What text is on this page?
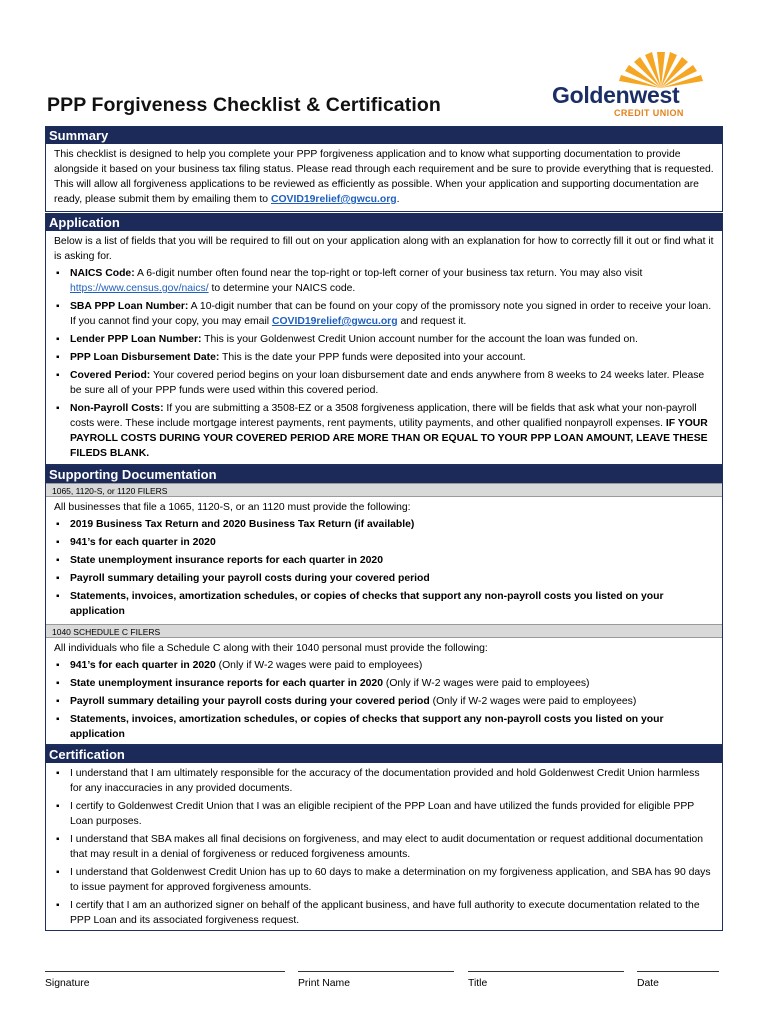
Goldenwest
CREDIT UNION
PPP Forgiveness Checklist & Certification
Summary
This checklist is designed to help you complete your PPP forgiveness application and to know what supporting documentation to provide alongside it based on your business tax filing status. Please read through each requirement and be sure to provide everything that is requested. This will allow all forgiveness applications to be reviewed as efficiently as possible. When your application and supporting documentation are ready, please submit them by emailing them to COVID19relief@gwcu.org.
Application
Below is a list of fields that you will be required to fill out on your application along with an explanation for how to correctly fill it out or find what it is asking for.
▪ NAICS Code: A 6-digit number often found near the top-right or top-left corner of your business tax return. You may also visit https://www.census.gov/naics/ to determine your NAICS code.
▪ SBA PPP Loan Number: A 10-digit number that can be found on your copy of the promissory note you signed in order to receive your loan. If you cannot find your copy, you may email COVID19relief@gwcu.org and request it.
▪ Lender PPP Loan Number: This is your Goldenwest Credit Union account number for the account the loan was funded on.
▪ PPP Loan Disbursement Date: This is the date your PPP funds were deposited into your account.
▪ Covered Period: Your covered period begins on your loan disbursement date and ends anywhere from 8 weeks to 24 weeks later. Please be sure all of your PPP funds were used within this covered period.
▪ Non-Payroll Costs: If you are submitting a 3508-EZ or a 3508 forgiveness application, there will be fields that ask what your non-payroll costs were. These include mortgage interest payments, rent payments, utility payments, and other qualified nonpayroll expenses. IF YOUR PAYROLL COSTS DURING YOUR COVERED PERIOD ARE MORE THAN OR EQUAL TO YOUR PPP LOAN AMOUNT, LEAVE THESE FILEDS BLANK.
Supporting Documentation
1065, 1120-S, or 1120 FILERS
All businesses that file a 1065, 1120-S, or an 1120 must provide the following:
▪ 2019 Business Tax Return and 2020 Business Tax Return (if available)
▪ 941’s for each quarter in 2020
▪ State unemployment insurance reports for each quarter in 2020
▪ Payroll summary detailing your payroll costs during your covered period
▪ Statements, invoices, amortization schedules, or copies of checks that support any non-payroll costs you listed on your application
1040 SCHEDULE C FILERS
All individuals who file a Schedule C along with their 1040 personal must provide the following:
▪ 941’s for each quarter in 2020 (Only if W-2 wages were paid to employees)
▪ State unemployment insurance reports for each quarter in 2020 (Only if W-2 wages were paid to employees)
▪ Payroll summary detailing your payroll costs during your covered period (Only if W-2 wages were paid to employees)
▪ Statements, invoices, amortization schedules, or copies of checks that support any non-payroll costs you listed on your application
Certification
▪ I understand that I am ultimately responsible for the accuracy of the documentation provided and hold Goldenwest Credit Union harmless for any inaccuracies in any provided documents.
▪ I certify to Goldenwest Credit Union that I was an eligible recipient of the PPP Loan and have utilized the funds provided for eligible PPP Loan purposes.
▪ I understand that SBA makes all final decisions on forgiveness, and may elect to audit documentation or request additional documentation that may result in a denial of forgiveness or reduced forgiveness amounts.
▪ I understand that Goldenwest Credit Union has up to 60 days to make a determination on my forgiveness application, and SBA has 90 days to issue payment for approved forgiveness amounts.
▪ I certify that I am an authorized signer on behalf of the applicant business, and have full authority to execute documentation related to the PPP Loan and its associated forgiveness request.
Signature	Print Name	Title	Date
